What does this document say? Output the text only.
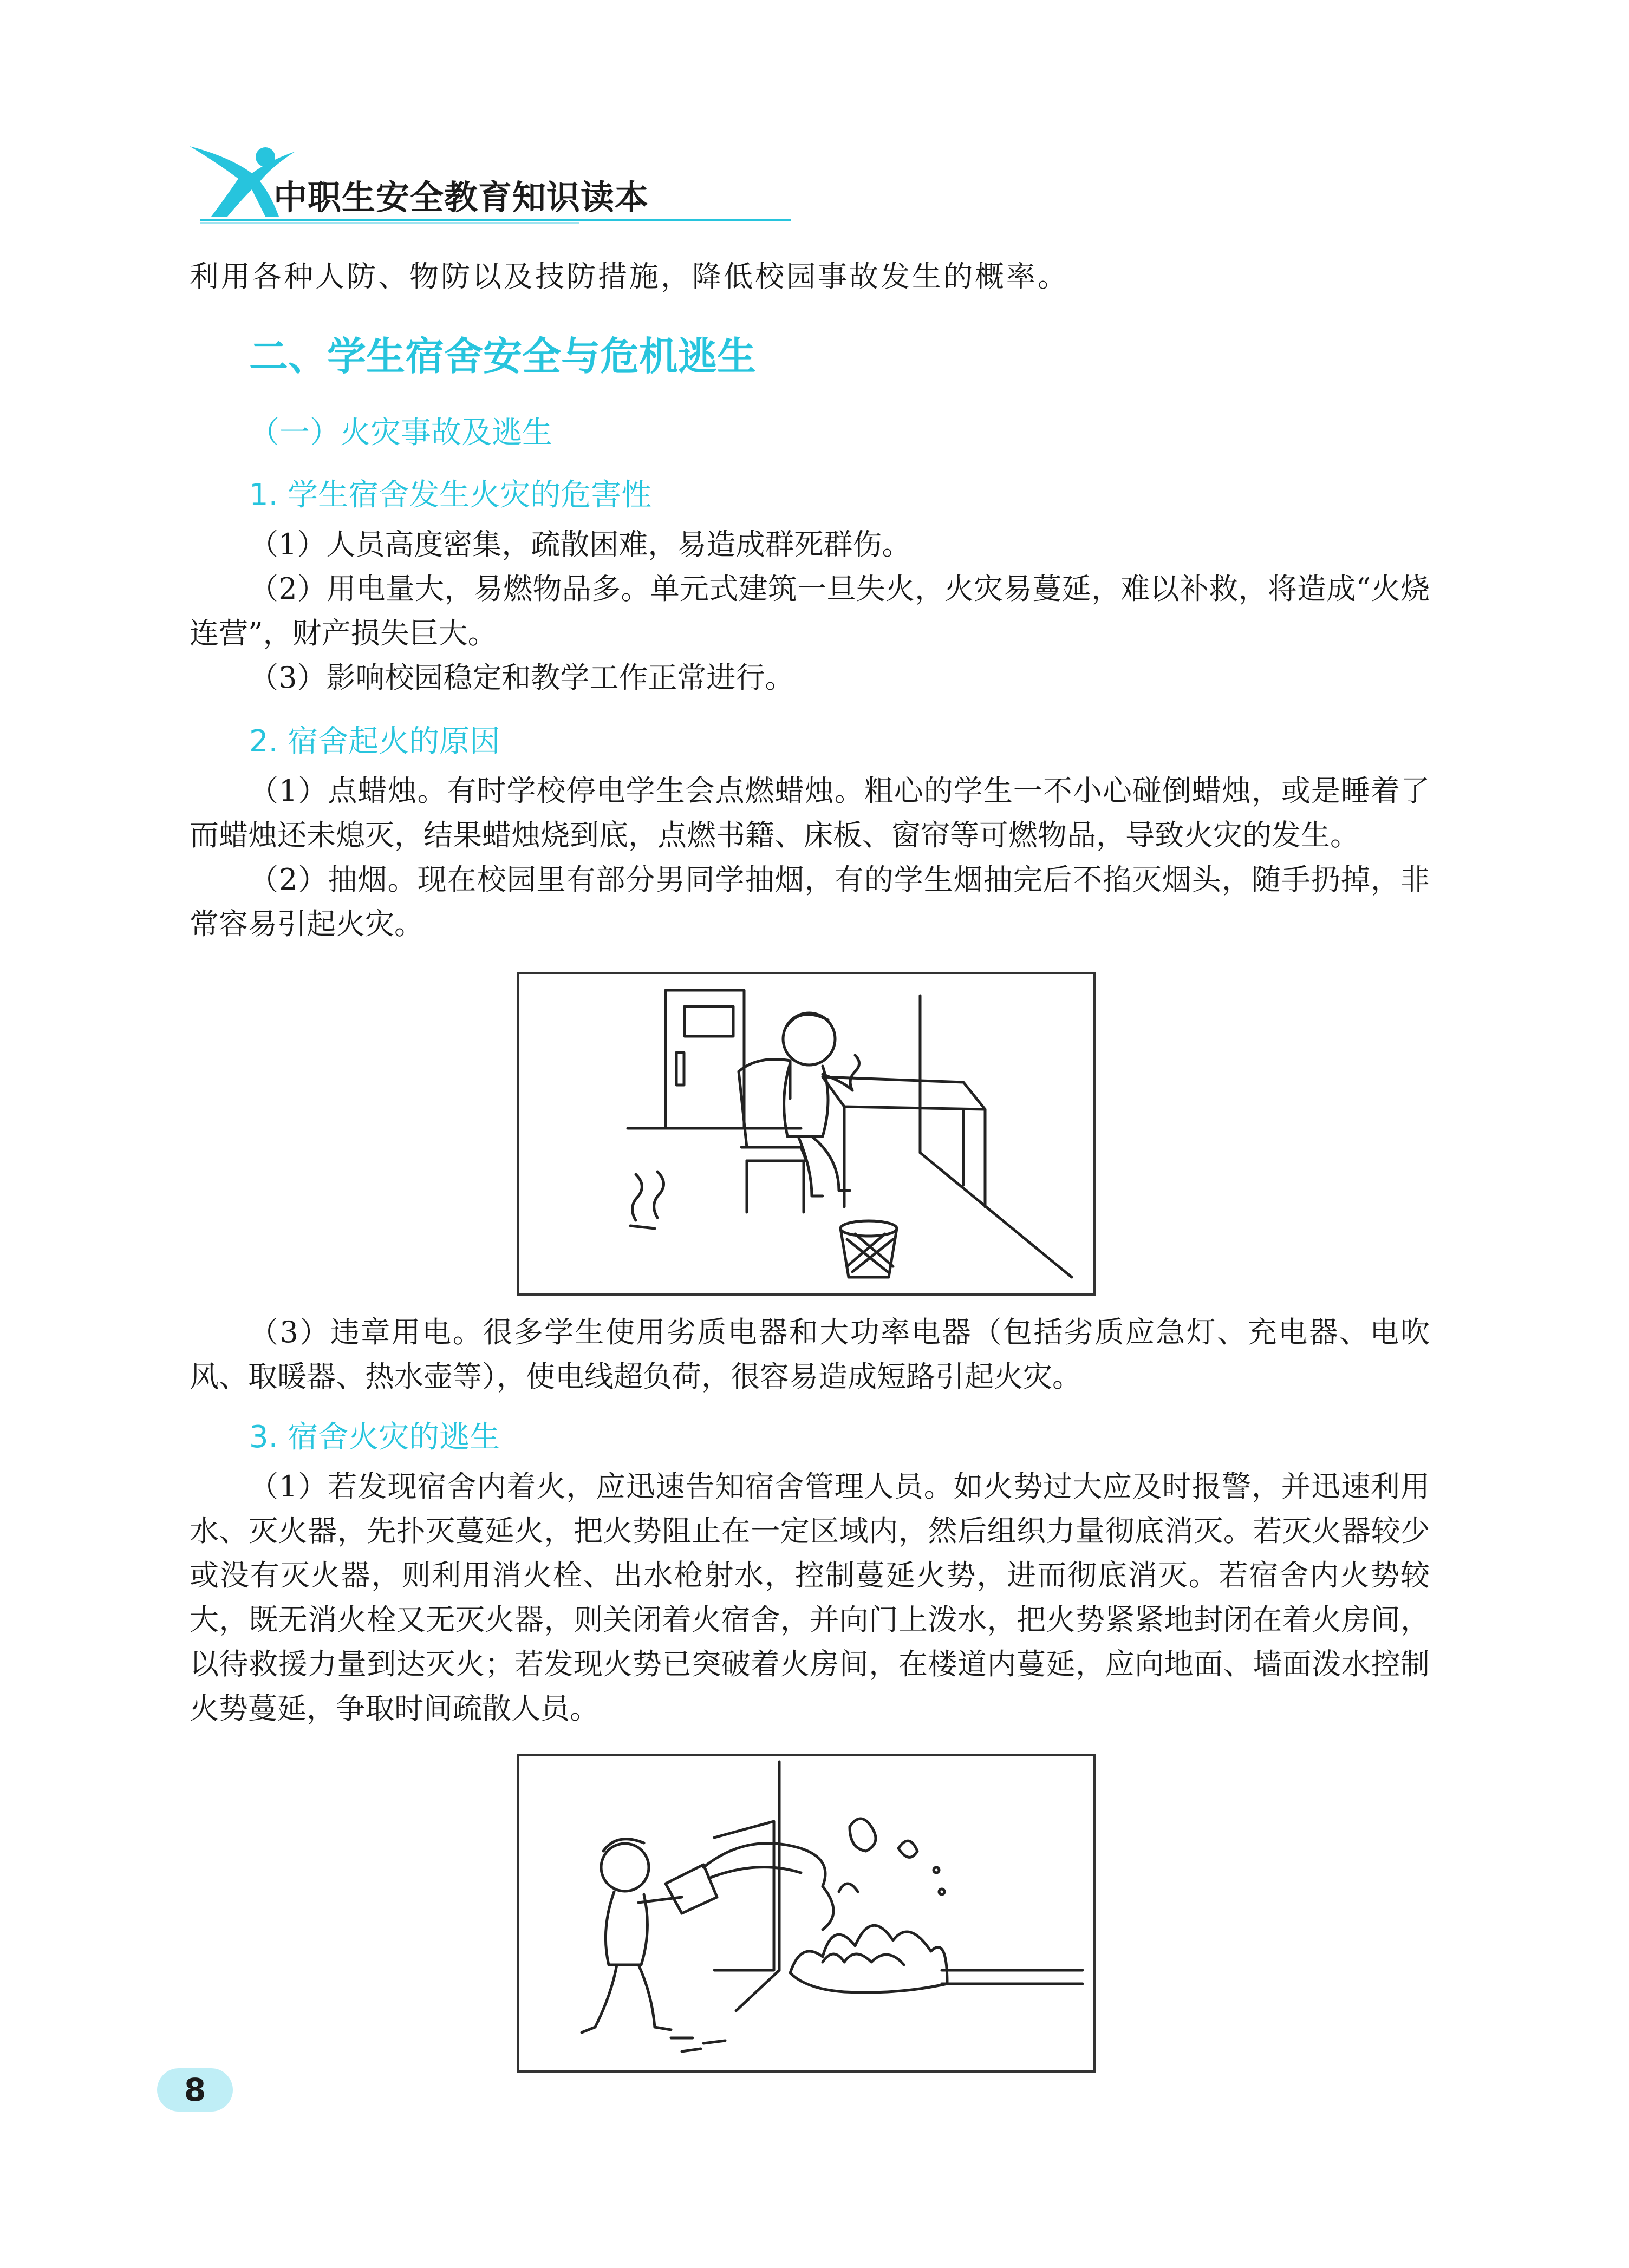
中职生安全教育知识读本

利用各种人防、物防以及技防措施，降低校园事故发生的概率。

二、学生宿舍安全与危机逃生
（一）火灾事故及逃生
1. 学生宿舍发生火灾的危害性

（1）人员高度密集，疏散困难，易造成群死群伤。

（2）用电量大，易燃物品多。单元式建筑一旦失火，火灾易蔓延，难以补救，将造成“火烧连营”，财产损失巨大。

（3）影响校园稳定和教学工作正常进行。

2. 宿舍起火的原因

（1）点蜡烛。有时学校停电学生会点燃蜡烛。粗心的学生一不小心碰倒蜡烛，或是睡着了而蜡烛还未熄灭，结果蜡烛烧到底，点燃书籍、床板、窗帘等可燃物品，导致火灾的发生。

（2）抽烟。现在校园里有部分男同学抽烟，有的学生烟抽完后不掐灭烟头，随手扔掉，非常容易引起火灾。

（3）违章用电。很多学生使用劣质电器和大功率电器（包括劣质应急灯、充电器、电吹风、取暖器、热水壶等），使电线超负荷，很容易造成短路引起火灾。

3. 宿舍火灾的逃生

（1）若发现宿舍内着火，应迅速告知宿舍管理人员。如火势过大应及时报警，并迅速利用水、灭火器，先扑灭蔓延火，把火势阻止在一定区域内，然后组织力量彻底消灭。若灭火器较少或没有灭火器，则利用消火栓、出水枪射水，控制蔓延火势，进而彻底消灭。若宿舍内火势较大，既无消火栓又无灭火器，则关闭着火宿舍，并向门上泼水，把火势紧紧地封闭在着火房间，以待救援力量到达灭火；若发现火势已突破着火房间，在楼道内蔓延，应向地面、墙面泼水控制火势蔓延，争取时间疏散人员。

8
